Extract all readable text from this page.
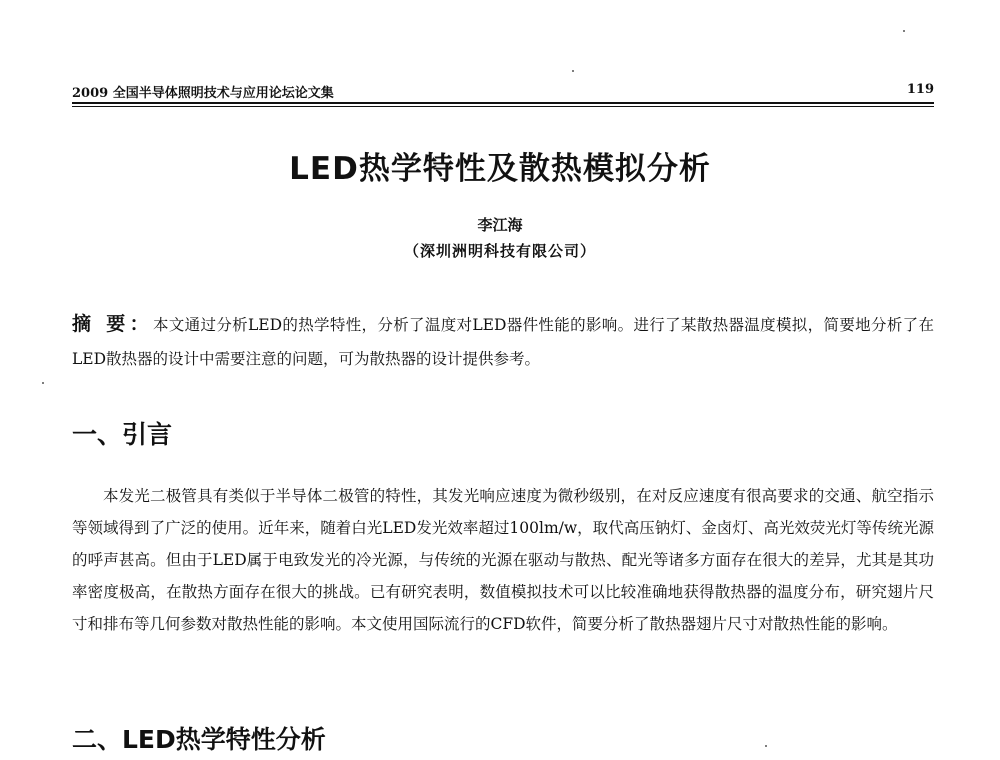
2009 全国半导体照明技术与应用论坛论文集	119
LED热学特性及散热模拟分析
李江海
（深圳洲明科技有限公司）
摘 要：本文通过分析LED的热学特性，分析了温度对LED器件性能的影响。进行了某散热器温度模拟，简要地分析了在LED散热器的设计中需要注意的问题，可为散热器的设计提供参考。
一、引言
本发光二极管具有类似于半导体二极管的特性，其发光响应速度为微秒级别，在对反应速度有很高要求的交通、航空指示等领域得到了广泛的使用。近年来，随着白光LED发光效率超过100lm/w，取代高压钠灯、金卤灯、高光效荧光灯等传统光源的呼声甚高。但由于LED属于电致发光的冷光源，与传统的光源在驱动与散热、配光等诸多方面存在很大的差异，尤其是其功率密度极高，在散热方面存在很大的挑战。已有研究表明，数值模拟技术可以比较准确地获得散热器的温度分布，研究翅片尺寸和排布等几何参数对散热性能的影响。本文使用国际流行的CFD软件，简要分析了散热器翅片尺寸对散热性能的影响。
二、LED热学特性分析
